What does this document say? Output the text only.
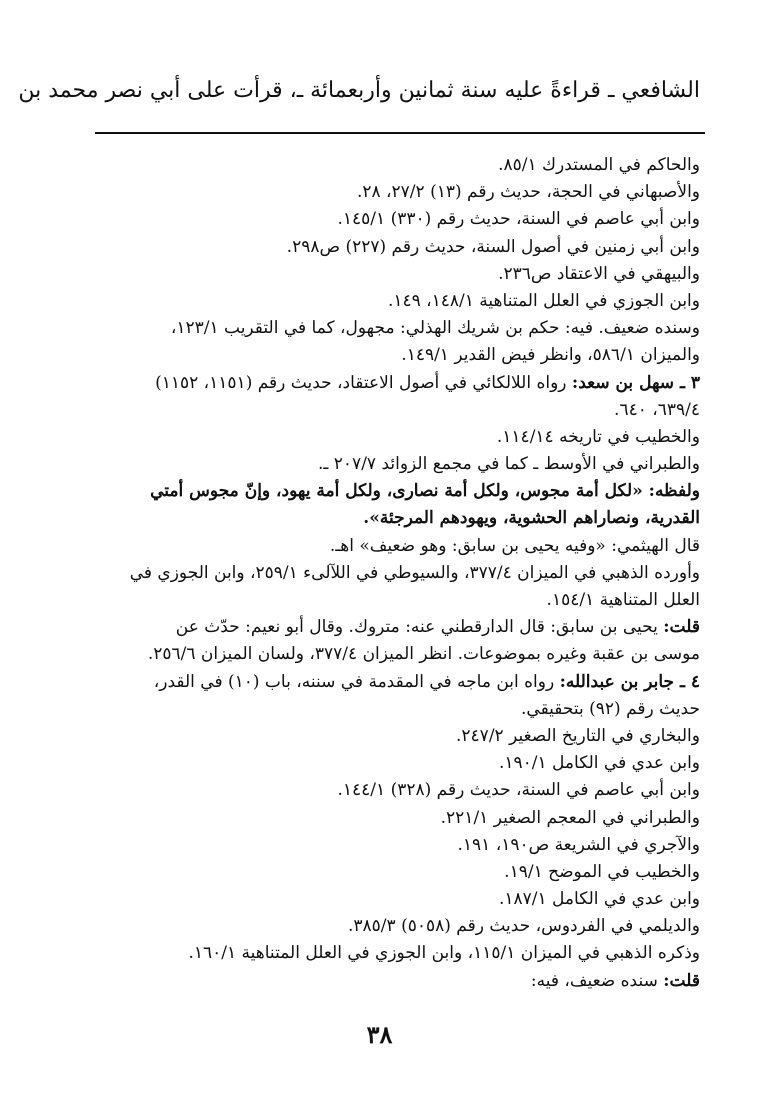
الشافعي ـ قراءةً عليه سنة ثمانين وأربعمائة ـ، قرأت على أبي نصر محمد بن
والحاكم في المستدرك ٨٥/١.
والأصبهاني في الحجة، حديث رقم (١٣) ٢٧/٢، ٢٨.
وابن أبي عاصم في السنة، حديث رقم (٣٣٠) ١٤٥/١.
وابن أبي زمنين في أصول السنة، حديث رقم (٢٢٧) ص٢٩٨.
والبيهقي في الاعتقاد ص٢٣٦.
وابن الجوزي في العلل المتناهية ١٤٨/١، ١٤٩.
وسنده ضعيف. فيه: حكم بن شريك الهذلي: مجهول، كما في التقريب ١٢٣/١،
والميزان ٥٨٦/١، وانظر فيض القدير ١٤٩/١.
٣ ـ سهل بن سعد: رواه اللالكائي في أصول الاعتقاد، حديث رقم (١١٥١، ١١٥٢)
٦٣٩/٤، ٦٤٠.
والخطيب في تاريخه ١١٤/١٤.
والطبراني في الأوسط ـ كما في مجمع الزوائد ٢٠٧/٧ ـ.
ولفظه: «لكل أمة مجوس، ولكل أمة نصارى، ولكل أمة يهود، وإنّ مجوس أمتي
القدرية، ونصاراهم الحشوية، ويهودهم المرجئة».
قال الهيثمي: «وفيه يحيى بن سابق: وهو ضعيف» اهـ.
وأورده الذهبي في الميزان ٣٧٧/٤، والسيوطي في اللآلىء ٢٥٩/١، وابن الجوزي في
العلل المتناهية ١٥٤/١.
قلت: يحيى بن سابق: قال الدارقطني عنه: متروك. وقال أبو نعيم: حدّث عن
موسى بن عقبة وغيره بموضوعات. انظر الميزان ٣٧٧/٤، ولسان الميزان ٢٥٦/٦.
٤ ـ جابر بن عبدالله: رواه ابن ماجه في المقدمة في سننه، باب (١٠) في القدر،
حديث رقم (٩٢) بتحقيقي.
والبخاري في التاريخ الصغير ٢٤٧/٢.
وابن عدي في الكامل ١٩٠/١.
وابن أبي عاصم في السنة، حديث رقم (٣٢٨) ١٤٤/١.
والطبراني في المعجم الصغير ٢٢١/١.
والآجري في الشريعة ص١٩٠، ١٩١.
والخطيب في الموضح ١٩/١.
وابن عدي في الكامل ١٨٧/١.
والديلمي في الفردوس، حديث رقم (٥٠٥٨) ٣٨٥/٣.
وذكره الذهبي في الميزان ١١٥/١، وابن الجوزي في العلل المتناهية ١٦٠/١.
قلت: سنده ضعيف، فيه:
٣٨
